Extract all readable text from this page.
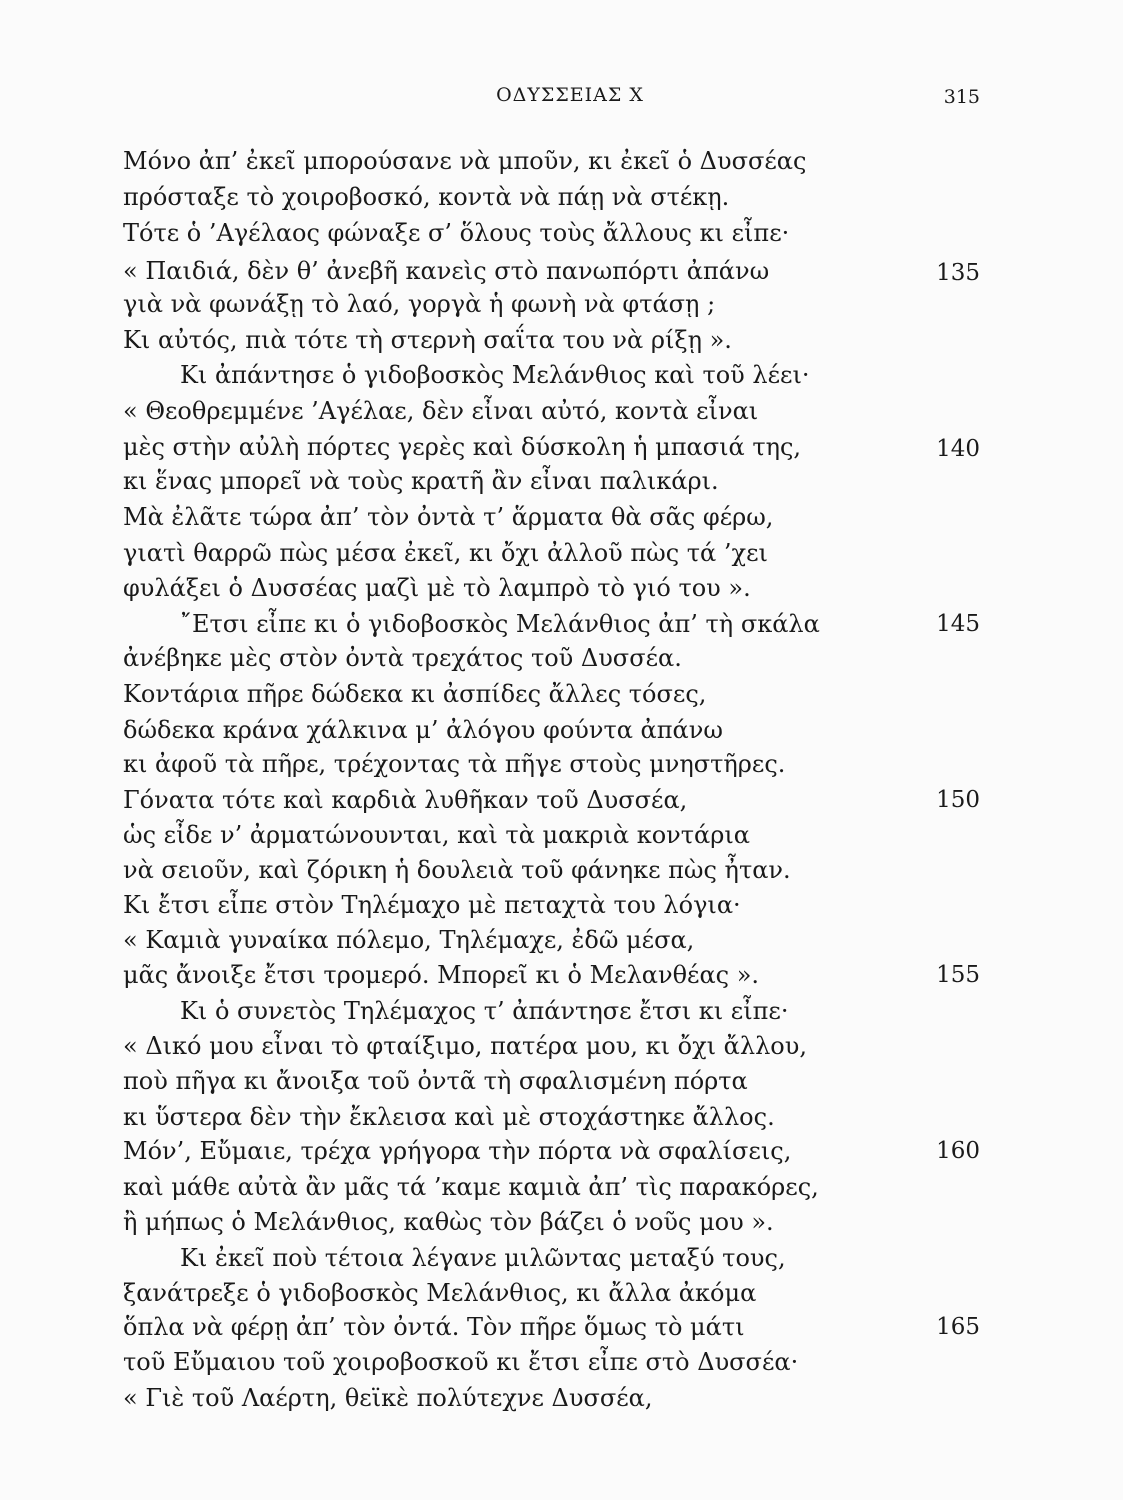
ΟΔΥΣΣΕΙΑΣ Χ	315
Μόνο ἀπ’ ἐκεῖ μπορούσανε νὰ μποῦν, κι ἐκεῖ ὁ Δυσσέας
πρόσταξε τὸ χοιροβοσκό, κοντὰ νὰ πάῃ νὰ στέκῃ.
Τότε ὁ ’Αγέλαος φώναξε σ’ ὅλους τοὺς ἄλλους κι εἶπε·
« Παιδιά, δὲν θ’ ἀνεβῆ κανεὶς στὸ πανωπόρτι ἀπάνω
γιὰ νὰ φωνάξῃ τὸ λαό, γοργὰ ἡ φωνὴ νὰ φτάσῃ ;
Κι αὐτός, πιὰ τότε τὴ στερνὴ σαΐτα του νὰ ρίξῃ ».
Κι ἀπάντησε ὁ γιδοβοσκὸς Μελάνθιος καὶ τοῦ λέει·
« Θεοθρεμμένε ’Αγέλαε, δὲν εἶναι αὐτό, κοντὰ εἶναι
μὲς στὴν αὐλὴ πόρτες γερὲς καὶ δύσκολη ἡ μπασιά της,
κι ἕνας μπορεῖ νὰ τοὺς κρατῆ ἂν εἶναι παλικάρι.
Μὰ ἐλᾶτε τώρα ἀπ’ τὸν ὀντὰ τ’ ἅρματα θὰ σᾶς φέρω,
γιατὶ θαρρῶ πὼς μέσα ἐκεῖ, κι ὄχι ἀλλοῦ πὼς τά ’χει
φυλάξει ὁ Δυσσέας μαζὶ μὲ τὸ λαμπρὸ τὸ γιό του ».
῎Ετσι εἶπε κι ὁ γιδοβοσκὸς Μελάνθιος ἀπ’ τὴ σκάλα
ἀνέβηκε μὲς στὸν ὀντὰ τρεχάτος τοῦ Δυσσέα.
Κοντάρια πῆρε δώδεκα κι ἀσπίδες ἄλλες τόσες,
δώδεκα κράνα χάλκινα μ’ ἀλόγου φούντα ἀπάνω
κι ἀφοῦ τὰ πῆρε, τρέχοντας τὰ πῆγε στοὺς μνηστῆρες.
Γόνατα τότε καὶ καρδιὰ λυθῆκαν τοῦ Δυσσέα,
ὡς εἶδε ν’ ἀρματώνουνται, καὶ τὰ μακριὰ κοντάρια
νὰ σειοῦν, καὶ ζόρικη ἡ δουλειὰ τοῦ φάνηκε πὼς ἦταν.
Κι ἔτσι εἶπε στὸν Τηλέμαχο μὲ πεταχτὰ του λόγια·
« Καμιὰ γυναίκα πόλεμο, Τηλέμαχε, ἐδῶ μέσα,
μᾶς ἄνοιξε ἔτσι τρομερό. Μπορεῖ κι ὁ Μελανθέας ».
Κι ὁ συνετὸς Τηλέμαχος τ’ ἀπάντησε ἔτσι κι εἶπε·
« Δικό μου εἶναι τὸ φταίξιμο, πατέρα μου, κι ὄχι ἄλλου,
ποὺ πῆγα κι ἄνοιξα τοῦ ὀντᾶ τὴ σφαλισμένη πόρτα
κι ὕστερα δὲν τὴν ἔκλεισα καὶ μὲ στοχάστηκε ἄλλος.
Μόν’, Εὔμαιε, τρέχα γρήγορα τὴν πόρτα νὰ σφαλίσεις,
καὶ μάθε αὐτὰ ἂν μᾶς τά ’καμε καμιὰ ἀπ’ τὶς παρακόρες,
ἢ μήπως ὁ Μελάνθιος, καθὼς τὸν βάζει ὁ νοῦς μου ».
Κι ἐκεῖ ποὺ τέτοια λέγανε μιλῶντας μεταξύ τους,
ξανάτρεξε ὁ γιδοβοσκὸς Μελάνθιος, κι ἄλλα ἀκόμα
ὅπλα νὰ φέρῃ ἀπ’ τὸν ὀντά. Τὸν πῆρε ὅμως τὸ μάτι
τοῦ Εὔμαιου τοῦ χοιροβοσκοῦ κι ἔτσι εἶπε στὸ Δυσσέα·
« Γιὲ τοῦ Λαέρτη, θεϊκὲ πολύτεχνε Δυσσέα,
135
140
145
150
155
160
165
